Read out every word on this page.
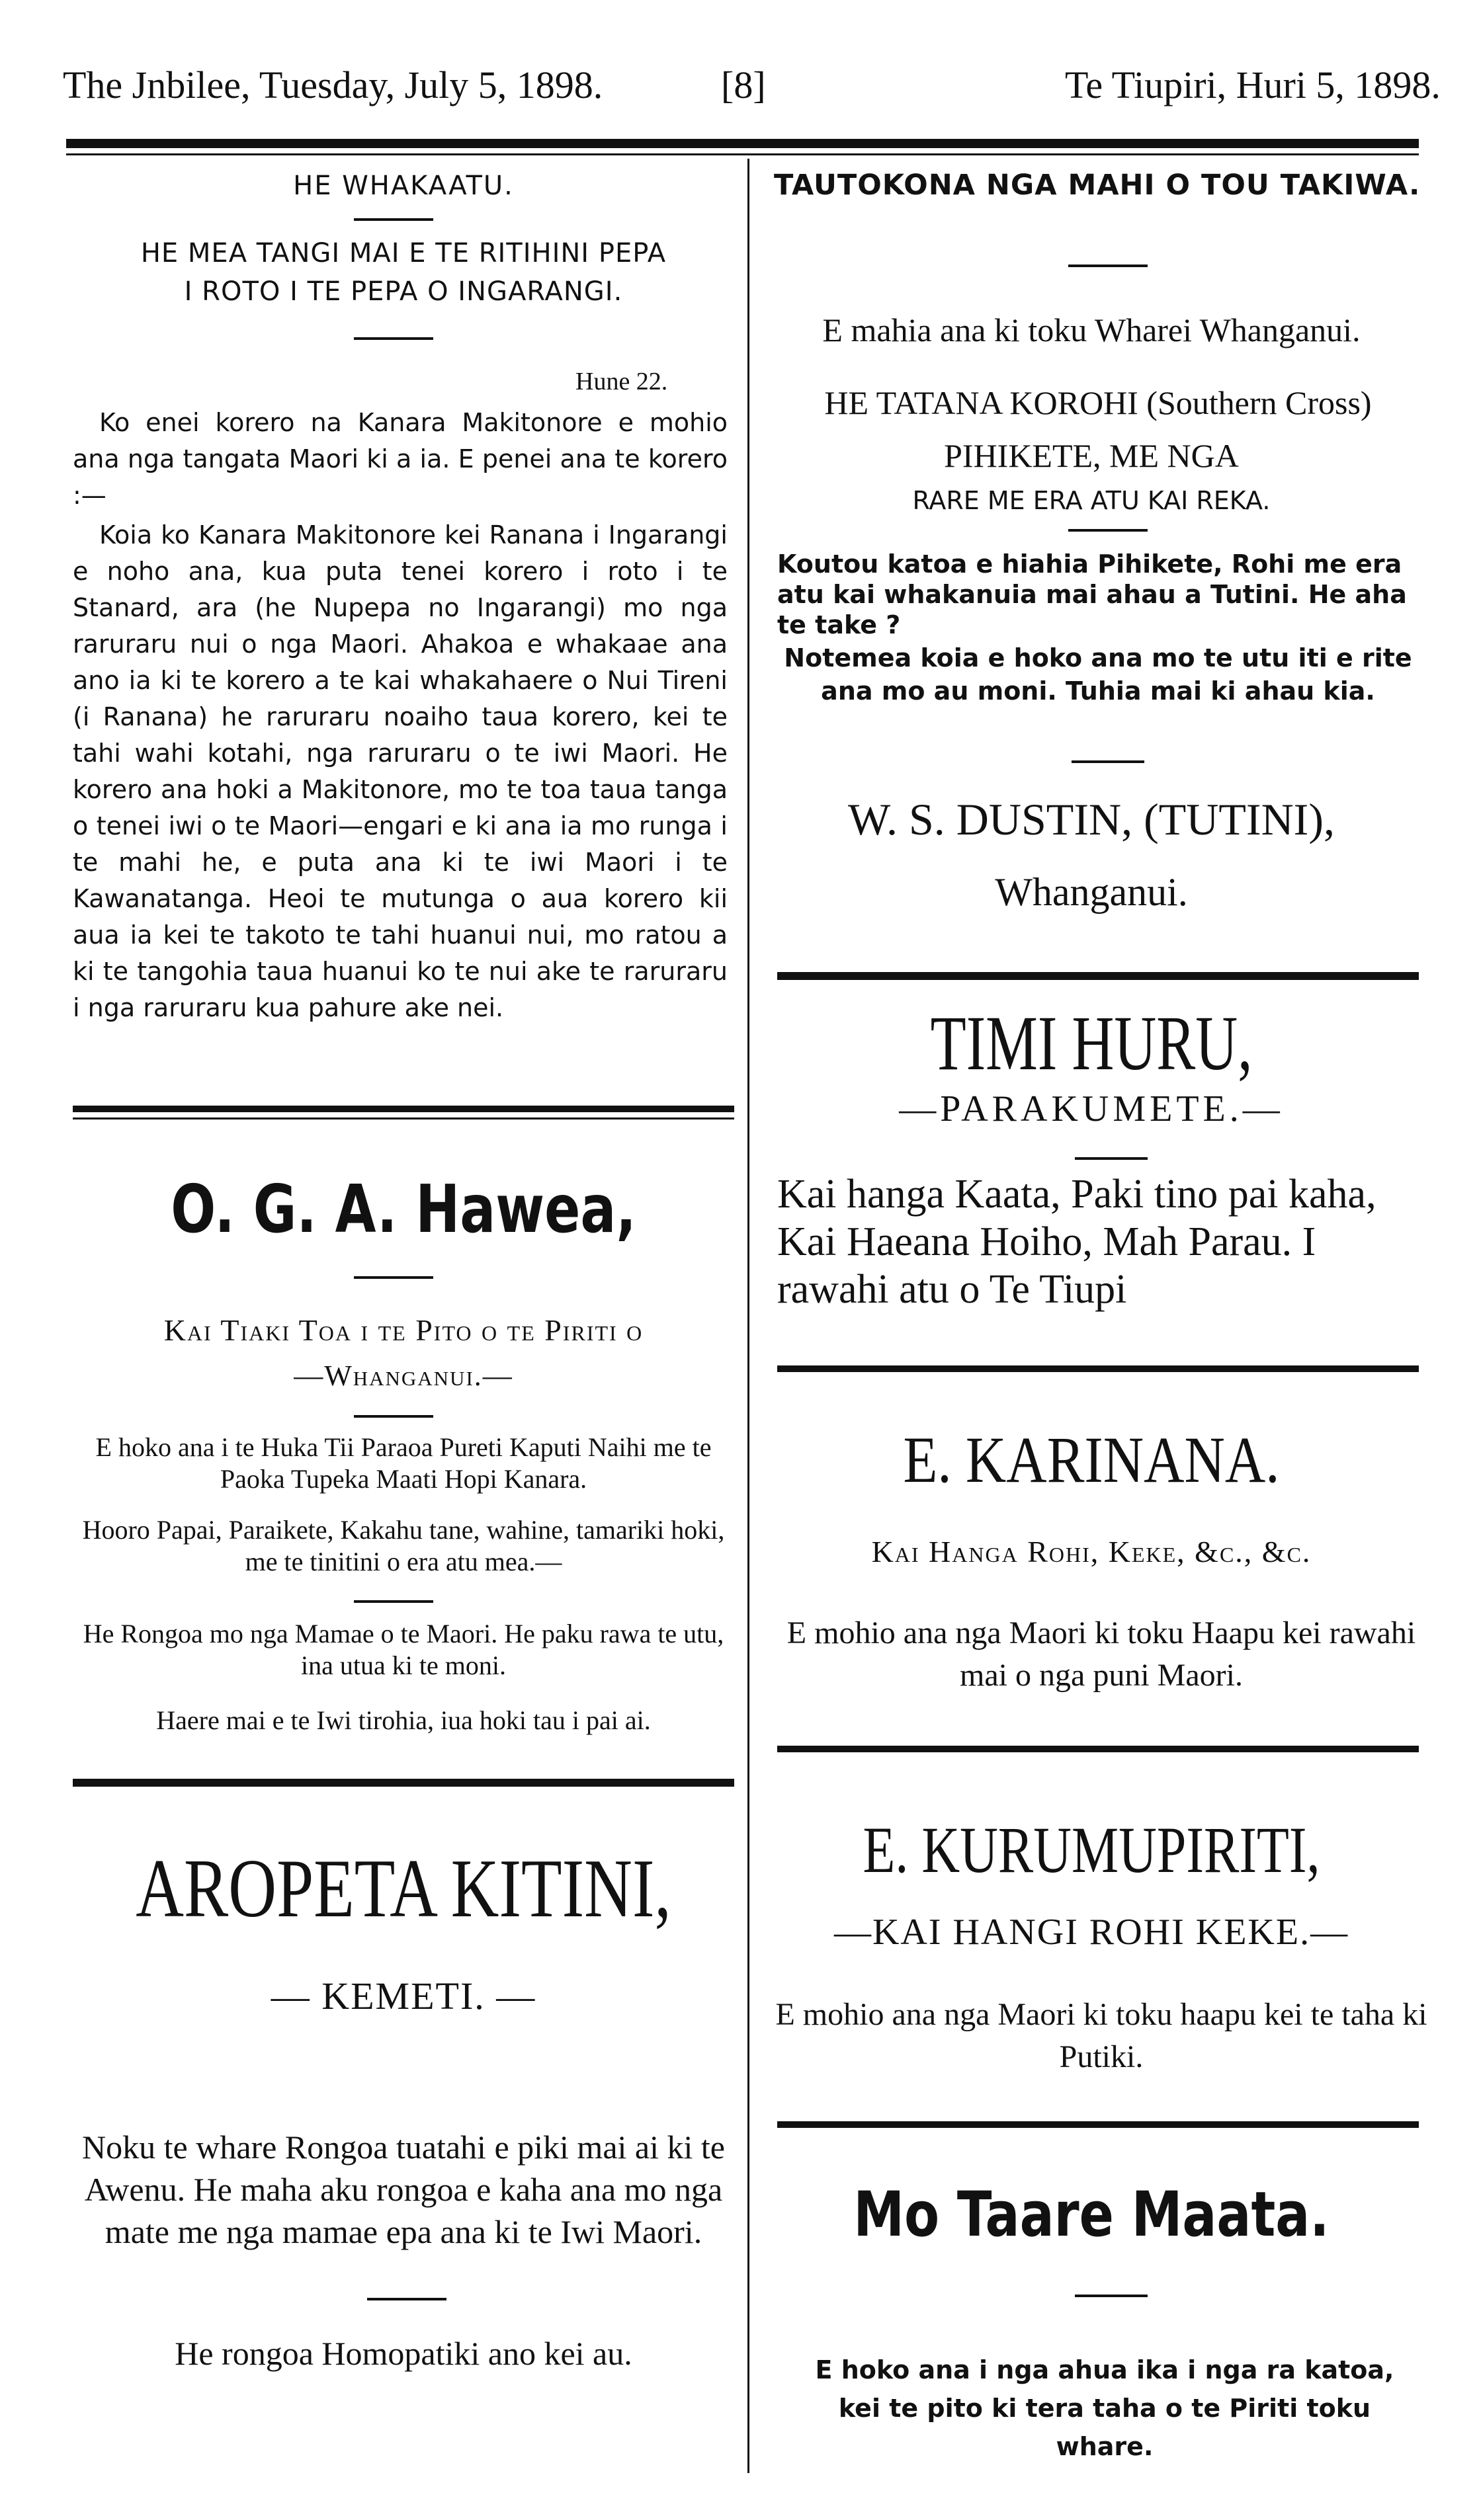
The Jnbilee, Tuesday, July 5, 1898.	[8]	Te Tiupiri, Huri 5, 1898.
HE WHAKAATU.
HE MEA TANGI MAI E TE RITIHINI PEPA
I ROTO I TE PEPA O INGARANGI.
Hune 22.
Ko enei korero na Kanara Makitonore e mohio ana nga tangata Maori ki a ia. E penei ana te korero :—
Koia ko Kanara Makitonore kei Ranana i Ingarangi e noho ana, kua puta tenei korero i roto i te Stanard, ara (he Nupepa no Ingarangi) mo nga raruraru nui o nga Maori. Ahakoa e whakaae ana ano ia ki te korero a te kai whakahaere o Nui Tireni (i Ranana) he raruraru noaiho taua korero, kei te tahi wahi kotahi, nga raruraru o te iwi Maori. He korero ana hoki a Makitonore, mo te toa taua tanga o tenei iwi o te Maori—engari e ki ana ia mo runga i te mahi he, e puta ana ki te iwi Maori i te Kawanatanga. Heoi te mutunga o aua korero kii aua ia kei te takoto te tahi huanui nui, mo ratou a ki te tangohia taua huanui ko te nui ake te raruraru i nga raruraru kua pahure ake nei.
O. G. A. Hawea,
Kai Tiaki Toa i te Pito o te Piriti o
—Whanganui.—
E hoko ana i te Huka Tii Paraoa Pureti Kaputi Naihi me te Paoka Tupeka Maati Hopi Kanara.
Hooro Papai, Paraikete, Kakahu tane, wahine, tamariki hoki, me te tinitini o era atu mea.—
He Rongoa mo nga Mamae o te Maori. He paku rawa te utu, ina utua ki te moni.
Haere mai e te Iwi tirohia, iua hoki tau i pai ai.
AROPETA KITINI,
— KEMETI. —
Noku te whare Rongoa tuatahi e piki mai ai ki te Awenu. He maha aku rongoa e kaha ana mo nga mate me nga mamae epa ana ki te Iwi Maori.
He rongoa Homopatiki ano kei au.
TAUTOKONA NGA MAHI O TOU TAKIWA.
E mahia ana ki toku Wharei Whanganui.
HE TATANA KOROHI (Southern Cross)
PIHIKETE, ME NGA
RARE ME ERA ATU KAI REKA.
Koutou katoa e hiahia Pihikete, Rohi me era atu kai whakanuia mai ahau a Tutini. He aha te take ?
Notemea koia e hoko ana mo te utu iti e rite ana mo au moni. Tuhia mai ki ahau kia.
W. S. DUSTIN, (TUTINI),
Whanganui.
TIMI HURU,
—PARAKUMETE.—
Kai hanga Kaata, Paki tino pai kaha, Kai Haeana Hoiho, Mah Parau. I rawahi atu o Te Tiupi
E. KARINANA.
Kai Hanga Rohi, Keke, &c., &c.
E mohio ana nga Maori ki toku Haapu kei rawahi mai o nga puni Maori.
E. KURUMUPIRITI,
—KAI HANGI ROHI KEKE.—
E mohio ana nga Maori ki toku haapu kei te taha ki Putiki.
Mo Taare Maata.
E hoko ana i nga ahua ika i nga ra katoa, kei te pito ki tera taha o te Piriti toku whare.
